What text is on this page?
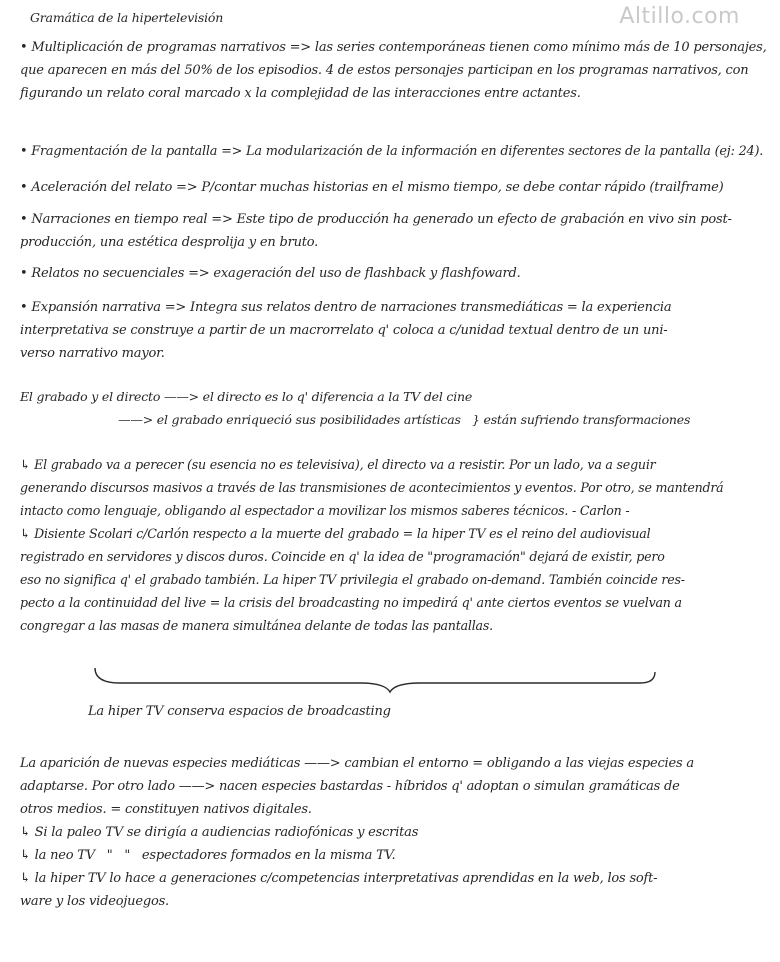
Altillo.com
Gramática de la hipertelevisión
• Multiplicación de programas narrativos => las series contemporáneas tienen como mínimo más de 10 personajes,
que aparecen en más del 50% de los episodios. 4 de estos personajes participan en los programas narrativos, con
figurando un relato coral marcado x la complejidad de las interacciones entre actantes.
• Fragmentación de la pantalla => La modularización de la información en diferentes sectores de la pantalla (ej: 24).
• Aceleración del relato => P/contar muchas historias en el mismo tiempo, se debe contar rápido (trailframe)
• Narraciones en tiempo real => Este tipo de producción ha generado un efecto de grabación en vivo sin post-
producción, una estética desprolija y en bruto.
• Relatos no secuenciales => exageración del uso de flashback y flashfoward.
• Expansión narrativa => Integra sus relatos dentro de narraciones transmediáticas = la experiencia
interpretativa se construye a partir de un macrorrelato q' coloca a c/unidad textual dentro de un uni-
verso narrativo mayor.
El grabado y el directo ——> el directo es lo q' diferencia a la TV del cine
——> el grabado enriqueció sus posibilidades artísticas   } están sufriendo transformaciones
↳ El grabado va a perecer (su esencia no es televisiva), el directo va a resistir. Por un lado, va a seguir
generando discursos masivos a través de las transmisiones de acontecimientos y eventos. Por otro, se mantendrá
intacto como lenguaje, obligando al espectador a movilizar los mismos saberes técnicos. - Carlon -
↳ Disiente Scolari c/Carlón respecto a la muerte del grabado = la hiper TV es el reino del audiovisual
registrado en servidores y discos duros. Coincide en q' la idea de "programación" dejará de existir, pero
eso no significa q' el grabado también. La hiper TV privilegia el grabado on-demand. También coincide res-
pecto a la continuidad del live = la crisis del broadcasting no impedirá q' ante ciertos eventos se vuelvan a
congregar a las masas de manera simultánea delante de todas las pantallas.
La hiper TV conserva espacios de broadcasting
La aparición de nuevas especies mediáticas ——> cambian el entorno = obligando a las viejas especies a
adaptarse. Por otro lado ——> nacen especies bastardas - híbridos q' adoptan o simulan gramáticas de
otros medios. = constituyen nativos digitales.
↳ Si la paleo TV se dirigía a audiencias radiofónicas y escritas
↳ la neo TV   "   "   espectadores formados en la misma TV.
↳ la hiper TV lo hace a generaciones c/competencias interpretativas aprendidas en la web, los soft-
ware y los videojuegos.
